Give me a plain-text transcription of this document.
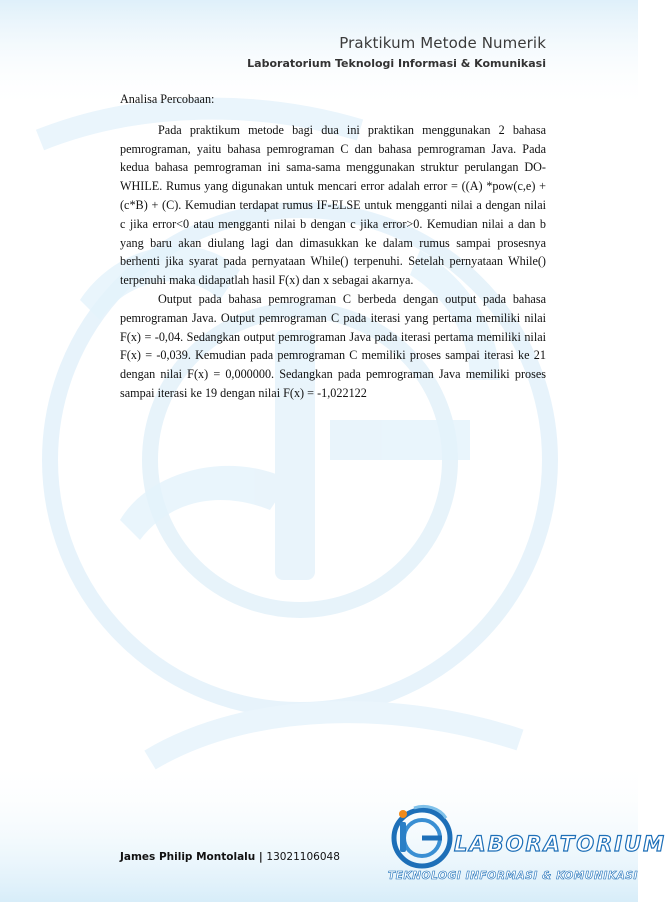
Praktikum Metode Numerik
Laboratorium Teknologi Informasi & Komunikasi

Analisa Percobaan:

Pada praktikum metode bagi dua ini praktikan menggunakan 2 bahasa pemrograman, yaitu bahasa pemrograman C dan bahasa pemrograman Java. Pada kedua bahasa pemrograman ini sama-sama menggunakan struktur perulangan DO-WHILE. Rumus yang digunakan untuk mencari error adalah error = ((A) *pow(c,e) + (c*B) + (C). Kemudian terdapat rumus IF-ELSE untuk mengganti nilai a dengan nilai c jika error<0 atau mengganti nilai b dengan c jika error>0. Kemudian nilai a dan b yang baru akan diulang lagi dan dimasukkan ke dalam rumus sampai prosesnya berhenti jika syarat pada pernyataan While() terpenuhi. Setelah pernyataan While() terpenuhi maka didapatlah hasil F(x) dan x sebagai akarnya.

Output pada bahasa pemrograman C berbeda dengan output pada bahasa pemrograman Java. Output pemrograman C pada iterasi yang pertama memiliki nilai F(x) = -0,04. Sedangkan output pemrograman Java pada iterasi pertama memiliki nilai F(x) = -0,039. Kemudian pada pemrograman C memiliki proses sampai iterasi ke 21 dengan nilai F(x) = 0,000000. Sedangkan pada pemrograman Java memiliki proses sampai iterasi ke 19 dengan nilai F(x) = -1,022122

James Philip Montolalu | 13021106048
LABORATORIUM
TEKNOLOGI INFORMASI & KOMUNIKASI
